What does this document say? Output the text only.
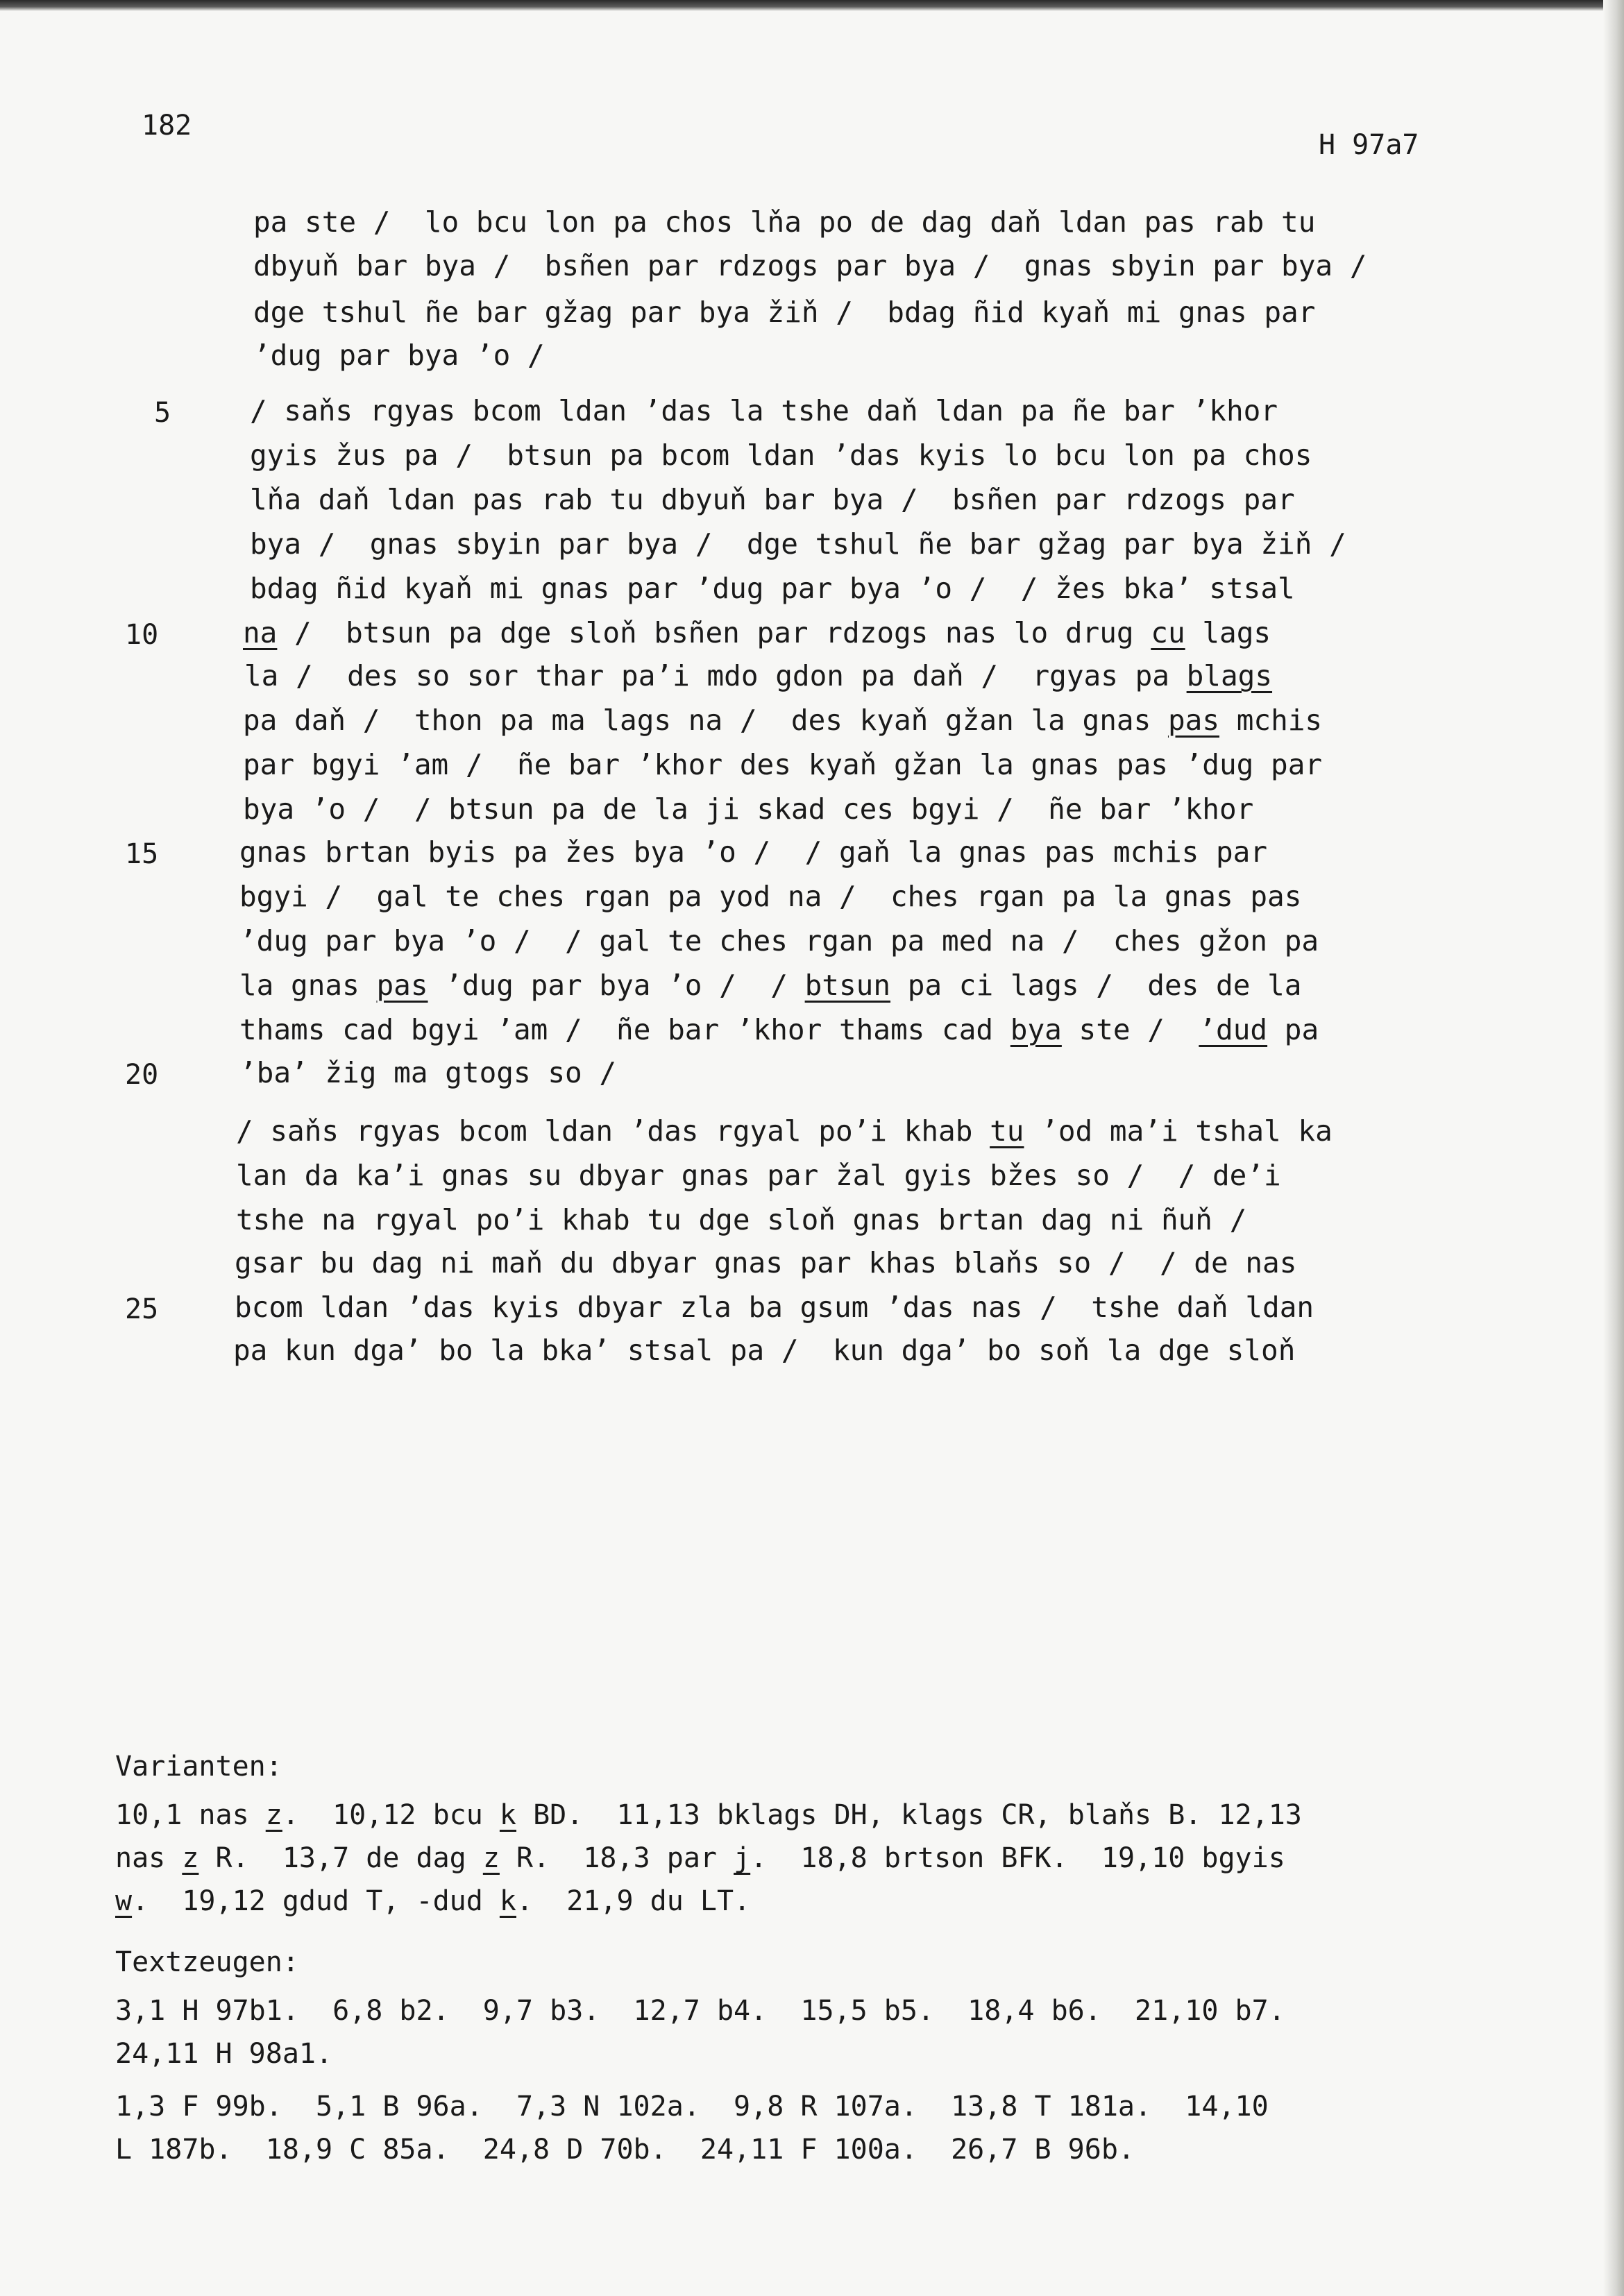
182
H 97a7
pa ste /  lo bcu lon pa chos lňa po de dag daň ldan pas rab tu
dbyuň bar bya /  bsñen par rdzogs par bya /  gnas sbyin par bya /
dge tshul ñe bar gžag par bya žiň /  bdag ñid kyaň mi gnas par
’dug par bya ’o /
/ saňs rgyas bcom ldan ’das la tshe daň ldan pa ñe bar ’khor
gyis žus pa /  btsun pa bcom ldan ’das kyis lo bcu lon pa chos
lňa daň ldan pas rab tu dbyuň bar bya /  bsñen par rdzogs par
bya /  gnas sbyin par bya /  dge tshul ñe bar gžag par bya žiň /
bdag ñid kyaň mi gnas par ’dug par bya ’o /  / žes bka’ stsal
na /  btsun pa dge sloň bsñen par rdzogs nas lo drug cu lags
la /  des so sor thar pa’i mdo gdon pa daň /  rgyas pa blags
pa daň /  thon pa ma lags na /  des kyaň gžan la gnas pas mchis
par bgyi ’am /  ñe bar ’khor des kyaň gžan la gnas pas ’dug par
bya ’o /  / btsun pa de la ji skad ces bgyi /  ñe bar ’khor
gnas brtan byis pa žes bya ’o /  / gaň la gnas pas mchis par
bgyi /  gal te ches rgan pa yod na /  ches rgan pa la gnas pas
’dug par bya ’o /  / gal te ches rgan pa med na /  ches gžon pa
la gnas pas ’dug par bya ’o /  / btsun pa ci lags /  des de la
thams cad bgyi ’am /  ñe bar ’khor thams cad bya ste /  ’dud pa
’ba’ žig ma gtogs so /
/ saňs rgyas bcom ldan ’das rgyal po’i khab tu ’od ma’i tshal ka
lan da ka’i gnas su dbyar gnas par žal gyis bžes so /  / de’i
tshe na rgyal po’i khab tu dge sloň gnas brtan dag ni ñuň /
gsar bu dag ni maň du dbyar gnas par khas blaňs so /  / de nas
bcom ldan ’das kyis dbyar zla ba gsum ’das nas /  tshe daň ldan
pa kun dga’ bo la bka’ stsal pa /  kun dga’ bo soň la dge sloň
5
10
15
20
25
Varianten:
10,1 nas z.  10,12 bcu k BD.  11,13 bklags DH, klags CR, blaňs B. 12,13
nas z R.  13,7 de dag z R.  18,3 par j.  18,8 brtson BFK.  19,10 bgyis
w.  19,12 gdud T, -dud k.  21,9 du LT.
Textzeugen:
3,1 H 97b1.  6,8 b2.  9,7 b3.  12,7 b4.  15,5 b5.  18,4 b6.  21,10 b7.
24,11 H 98a1.
1,3 F 99b.  5,1 B 96a.  7,3 N 102a.  9,8 R 107a.  13,8 T 181a.  14,10
L 187b.  18,9 C 85a.  24,8 D 70b.  24,11 F 100a.  26,7 B 96b.
